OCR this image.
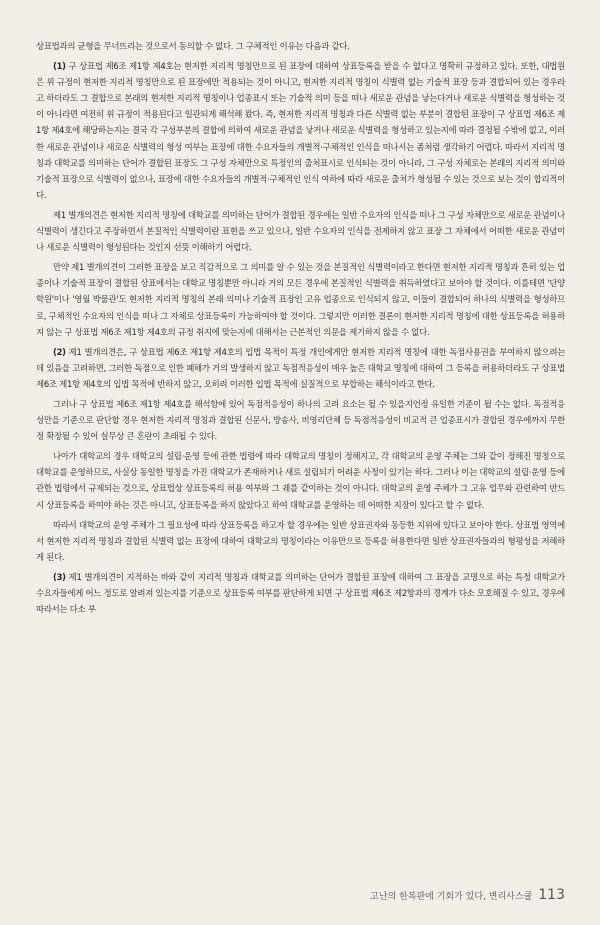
상표법과의 균형을 무너뜨리는 것으로서 동의할 수 없다. 그 구체적인 이유는 다음과 같다.

(1) 구 상표법 제6조 제1항 제4호는 현저한 지리적 명칭만으로 된 표장에 대하여 상표등록을 받을 수 없다고 명확히 규정하고 있다. 또한, 대법원은 위 규정이 현저한 지리적 명칭만으로 된 표장에만 적용되는 것이 아니고, 현저한 지리적 명칭이 식별력 없는 기술적 표장 등과 결합되어 있는 경우라고 하더라도 그 결합으로 본래의 현저한 지리적 명칭이나 업종표시 또는 기술적 의미 등을 떠나 새로운 관념을 낳는다거나 새로운 식별력을 형성하는 것이 아니라면 여전히 위 규정이 적용된다고 일관되게 해석해 왔다. 즉, 현저한 지리적 명칭과 다른 식별력 없는 부분이 결합된 표장이 구 상표법 제6조 제1항 제4호에 해당하는지는 결국 각 구성부분의 결합에 의하여 새로운 관념을 낳거나 새로운 식별력을 형성하고 있는지에 따라 결정될 수밖에 없고, 이러한 새로운 관념이나 새로운 식별력의 형성 여부는 표장에 대한 수요자들의 개별적·구체적인 인식을 떠나서는 좀처럼 생각하기 어렵다. 따라서 지리적 명칭과 대학교를 의미하는 단어가 결합된 표장도 그 구성 자체만으로 특정인의 출처표시로 인식되는 것이 아니라, 그 구성 자체로는 본래의 지리적 의미와 기술적 표장으로 식별력이 없으나, 표장에 대한 수요자들의 개별적·구체적인 인식 여하에 따라 새로운 출처가 형성될 수 있는 것으로 보는 것이 합리적이다.

제1 별개의견은 현저한 지리적 명칭에 대학교를 의미하는 단어가 결합된 경우에는 일반 수요자의 인식을 떠나 그 구성 자체만으로 새로운 관념이나 식별력이 생긴다고 주장하면서 본질적인 식별력이란 표현을 쓰고 있으나, 일반 수요자의 인식을 전제하지 않고 표장 그 자체에서 어떠한 새로운 관념이나 새로운 식별력이 형성된다는 것인지 선뜻 이해하기 어렵다.

만약 제1 별개의견이 그러한 표장을 보고 직감적으로 그 의미를 알 수 있는 것을 본질적인 식별력이라고 한다면 현저한 지리적 명칭과 흔히 있는 업종이나 기술적 표장이 결합된 상표에서는 대학교 명칭뿐만 아니라 거의 모든 경우에 본질적인 식별력을 취득하였다고 보아야 할 것이다. 이를테면 '단양 학원'이나 '영월 박물관'도 현저한 지리적 명칭의 본래 의미나 기술적 표장인 고유 업종으로 인식되지 않고, 이들이 결합되어 하나의 식별력을 형성하므로, 구체적인 수요자의 인식을 떠나 그 자체로 상표등록이 가능하여야 할 것이다. 그렇지만 이러한 결론이 현저한 지리적 명칭에 대한 상표등록을 허용하지 않는 구 상표법 제6조 제1항 제4호의 규정 취지에 맞는지에 대해서는 근본적인 의문을 제기하지 않을 수 없다.

(2) 제1 별개의견은, 구 상표법 제6조 제1항 제4호의 입법 목적이 특정 개인에게만 현저한 지리적 명칭에 대한 독점사용권을 부여하지 않으려는 데 있음을 고려하면, 그러한 독점으로 인한 폐해가 거의 발생하지 않고 독점적응성이 매우 높은 대학교 명칭에 대하여 그 등록을 허용하더라도 구 상표법 제6조 제1항 제4호의 입법 목적에 반하지 않고, 오히려 이러한 입법 목적에 실질적으로 부합하는 해석이라고 한다.

그러나 구 상표법 제6조 제1항 제4호를 해석함에 있어 독점적응성이 하나의 고려 요소는 될 수 있을지언정 유일한 기준이 될 수는 없다. 독점적응성만을 기준으로 판단할 경우 현저한 지리적 명칭과 결합된 신문사, 방송사, 비영리단체 등 독점적응성이 비교적 큰 업종표시가 결합된 경우에까지 무한정 확장될 수 있어 실무상 큰 혼란이 초래될 수 있다.

나아가 대학교의 경우 대학교의 설립·운영 등에 관한 법령에 따라 대학교의 명칭이 정해지고, 각 대학교의 운영 주체는 그와 같이 정해진 명칭으로 대학교를 운영하므로, 사실상 동일한 명칭을 가진 대학교가 존재하거나 새로 설립되기 어려운 사정이 있기는 하다. 그러나 이는 대학교의 설립·운영 등에 관한 법령에서 규제되는 것으로, 상표법상 상표등록의 허용 여부와 그 궤를 같이하는 것이 아니다. 대학교의 운영 주체가 그 고유 업무와 관련하여 반드시 상표등록을 하여야 하는 것은 아니고, 상표등록을 하지 않았다고 하여 대학교를 운영하는 데 어떠한 지장이 있다고 할 수 없다.

따라서 대학교의 운영 주체가 그 필요성에 따라 상표등록을 하고자 할 경우에는 일반 상표권자와 동등한 지위에 있다고 보아야 한다. 상표법 영역에서 현저한 지리적 명칭과 결합된 식별력 없는 표장에 대하여 대학교의 명칭이라는 이유만으로 등록을 허용한다면 일반 상표권자들과의 형평성을 저해하게 된다.

(3) 제1 별개의견이 지적하는 바와 같이 지리적 명칭과 대학교를 의미하는 단어가 결합된 표장에 대하여 그 표장을 교명으로 하는 특정 대학교가 수요자들에게 어느 정도로 알려져 있는지를 기준으로 상표등록 여부를 판단하게 되면 구 상표법 제6조 제2항과의 경계가 다소 모호해질 수 있고, 경우에 따라서는 다소 부

고난의 한복판에 기회가 있다, 변리사스쿨 113
